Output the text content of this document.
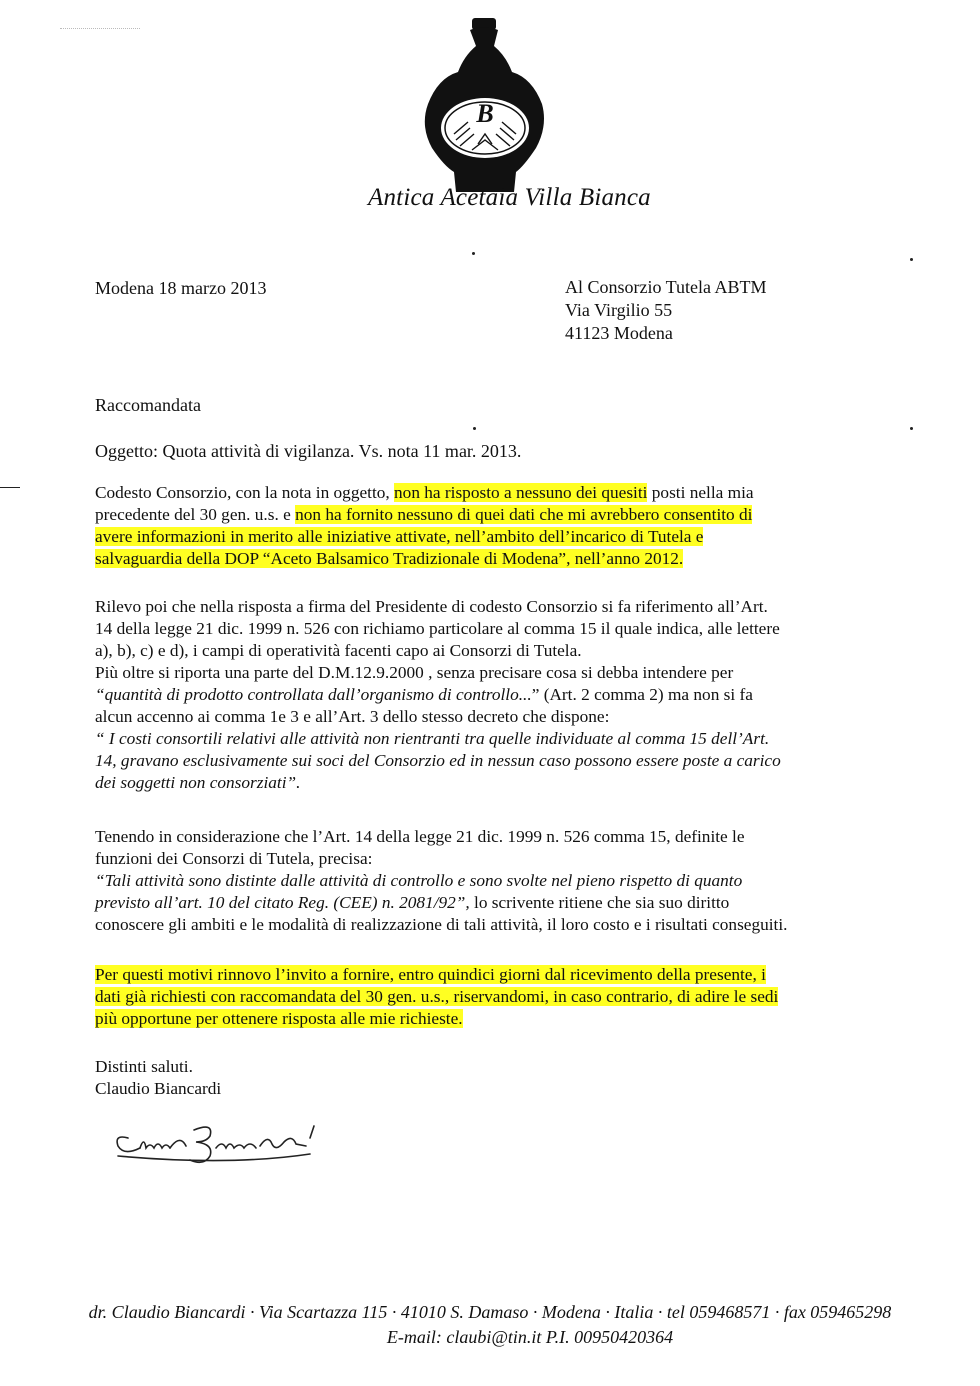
B
Antica Acetaia Villa Bianca
Modena 18 marzo 2013	Al Consorzio Tutela ABTM
Via Virgilio 55
41123 Modena
Raccomandata
Oggetto: Quota attività di vigilanza. Vs. nota 11 mar. 2013.
Codesto Consorzio, con la nota in oggetto, non ha risposto a nessuno dei quesiti posti nella mia
precedente del 30 gen. u.s. e non ha fornito nessuno di quei dati che mi avrebbero consentito di
avere informazioni in merito alle iniziative attivate, nell’ambito dell’incarico di Tutela e
salvaguardia della DOP “Aceto Balsamico Tradizionale di Modena”, nell’anno 2012.
Rilevo poi che nella risposta a firma del Presidente di codesto Consorzio si fa riferimento all’Art.
14 della legge 21 dic. 1999 n. 526 con richiamo particolare al comma 15 il quale indica, alle lettere
a), b), c) e d), i campi di operatività facenti capo ai Consorzi di Tutela.
Più oltre si riporta una parte del D.M.12.9.2000 , senza precisare cosa si debba intendere per
“quantità di prodotto controllata dall’organismo di controllo...” (Art. 2 comma 2) ma non si fa
alcun accenno ai comma 1e 3 e all’Art. 3 dello stesso decreto che dispone:
“ I costi consortili relativi alle attività non rientranti tra quelle individuate al comma 15 dell’Art.
14, gravano esclusivamente sui soci del Consorzio ed in nessun caso possono essere poste a carico
dei soggetti non consorziati”.
Tenendo in considerazione che l’Art. 14 della legge 21 dic. 1999 n. 526 comma 15, definite le
funzioni dei Consorzi di Tutela, precisa:
“Tali attività sono distinte dalle attività di controllo e sono svolte nel pieno rispetto di quanto
previsto all’art. 10 del citato Reg. (CEE) n. 2081/92”, lo scrivente ritiene che sia suo diritto
conoscere gli ambiti e le modalità di realizzazione di tali attività, il loro costo e i risultati conseguiti.
Per questi motivi rinnovo l’invito a fornire, entro quindici giorni dal ricevimento della presente, i
dati già richiesti con raccomandata del 30 gen. u.s., riservandomi, in caso contrario, di adire le sedi
più opportune per ottenere risposta alle mie richieste.
Distinti saluti.
Claudio Biancardi
dr. Claudio Biancardi · Via Scartazza 115 · 41010 S. Damaso · Modena · Italia · tel 059468571 · fax 059465298
E-mail: claubi@tin.it P.I. 00950420364
